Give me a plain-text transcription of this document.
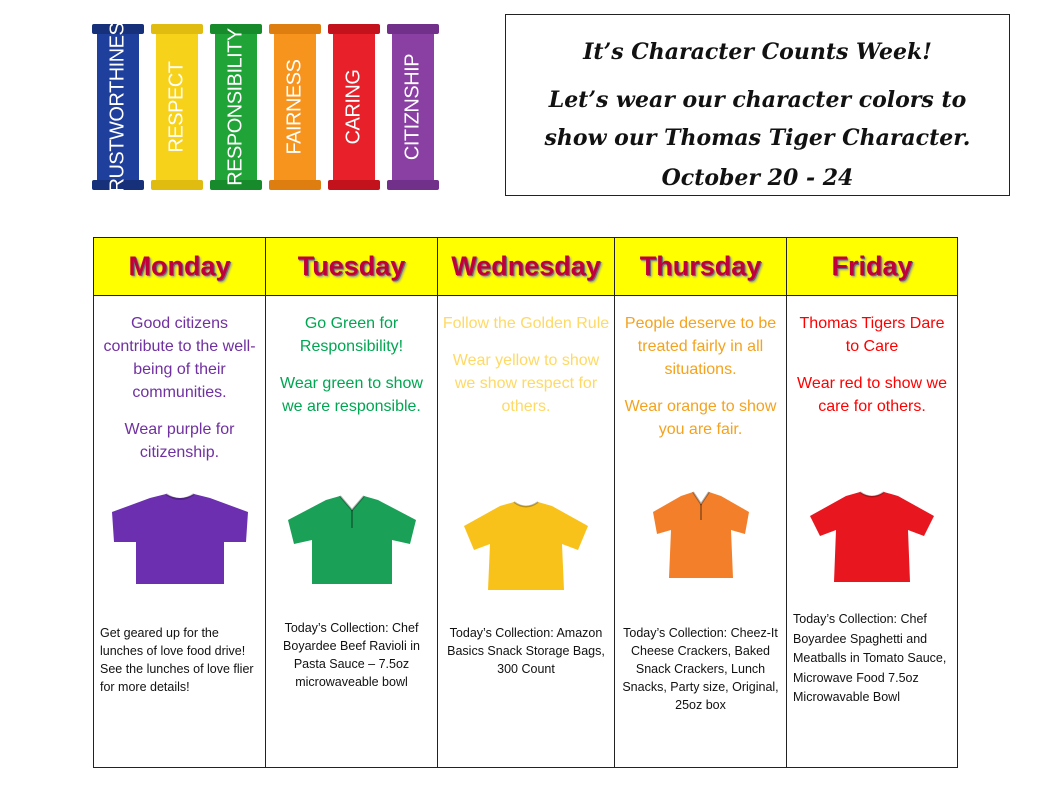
TRUSTWORTHINESS RESPECT RESPONSIBILITY FAIRNESS CARING CITIZNSHIP
It’s Character Counts Week!
Let’s wear our character colors to show our Thomas Tiger Character.
October 20 - 24
Monday

Good citizens contribute to the well-being of their communities.

Wear purple for citizenship.

Get geared up for the lunches of love food drive! See the lunches of love flier for more details!
Tuesday

Go Green for Responsibility!

Wear green to show we are responsible.

Today’s Collection: Chef Boyardee Beef Ravioli in Pasta Sauce – 7.5oz microwaveable bowl
Wednesday

Follow the Golden Rule

Wear yellow to show we show respect for others.

Today’s Collection: Amazon Basics Snack Storage Bags, 300 Count
Thursday

People deserve to be treated fairly in all situations.

Wear orange to show you are fair.

Today’s Collection: Cheez-It Cheese Crackers, Baked Snack Crackers, Lunch Snacks, Party size, Original, 25oz box
Friday

Thomas Tigers Dare to Care

Wear red to show we care for others.

Today’s Collection: Chef Boyardee Spaghetti and Meatballs in Tomato Sauce, Microwave Food 7.5oz Microwavable Bowl
